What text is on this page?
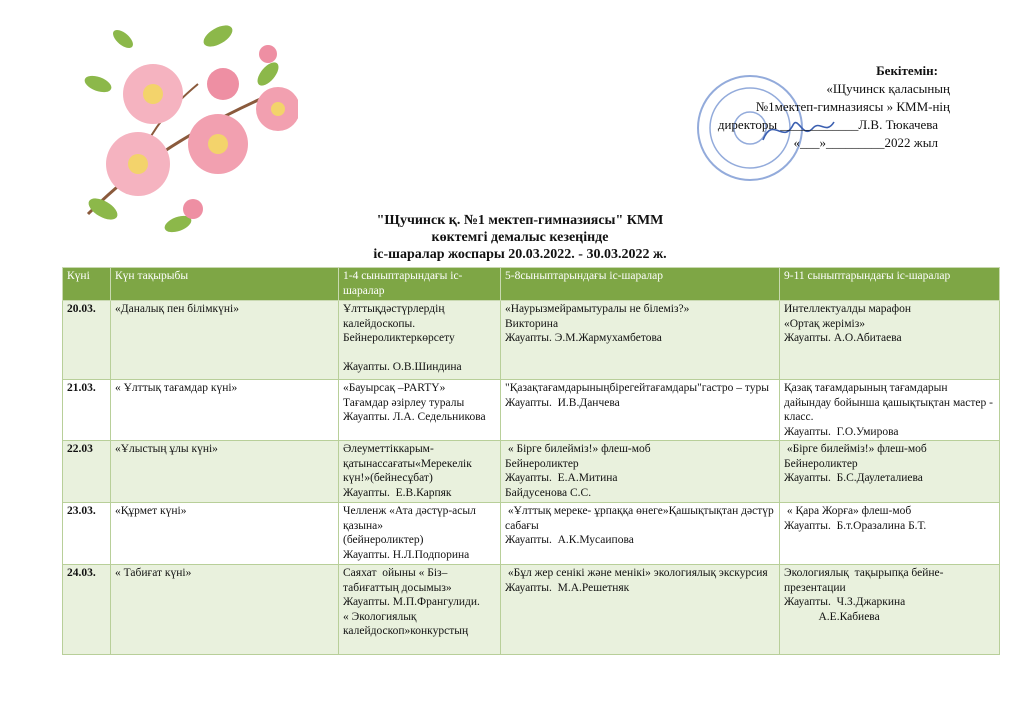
Бекітемін:
«Щучинск қаласының
№1мектеп-гимназиясы » КММ-нің
директоры ____________Л.В. Тюкачева
«___»_________2022 жыл
"Щучинск қ. №1 мектеп-гимназиясы" КММ
көктемгі демалыс кезеңінде
іс-шаралар жоспары 20.03.2022. - 30.03.2022 ж.
Күні	Күн тақырыбы	1-4 сыныптарындағы іс-шаралар	5-8сыныптарындағы іс-шаралар	9-11 сыныптарындағы іс-шаралар
20.03.	«Даналық пен білімкүні»	Ұлттықдәстүрлердің калейдоскопы.
Бейнероликтеркөрсету

Жауапты. О.В.Шиндина	«Наурызмейрамытуралы не білеміз?»
Викторина
Жауапты. Э.М.Жармухамбетова	Интеллектуалды марафон
«Ортақ жеріміз»
Жауапты. А.О.Абитаева

21.03.	« Ұлттық тағамдар күні»	«Бауырсақ –PARTY»
Тағамдар әзірлеу туралы
Жауапты. Л.А. Седельникова	"Қазақтағамдарыныңбірегейтағамдары"гастро – туры
Жауапты.  И.В.Данчева	Қазақ тағамдарының тағамдарын дайындау бойынша қашықтықтан мастер - класс.
Жауапты.  Г.О.Умирова

22.03	«Ұлыстың ұлы күні»	Әлеуметтіккарым-қатынассағаты«Мерекелік күн!»(бейнесұбат)
Жауапты.  Е.В.Карпяк	« Бірге билейміз!» флеш-моб
Бейнероликтер
Жауапты.  Е.А.Митина
Байдусенова С.С.	«Бірге билейміз!» флеш-моб
Бейнероликтер
Жауапты.  Б.С.Даулеталиева

23.03.	«Құрмет күні»	Челленж «Ата дәстүр-асыл қазына»
(бейнероликтер)
Жауапты. Н.Л.Подпорина	«Ұлттық мереке- ұрпаққа өнеге»Қашықтықтан дәстүр сабағы
Жауапты.  А.К.Мусаипова	« Қара Жорға» флеш-моб
Жауапты.  Б.т.Оразалина Б.Т.

24.03.	« Табиғат күні»	Саяхат  ойыны « Біз– табиғаттың досымыз»
Жауапты. М.П.Франгулиди.
« Экологиялық калейдоскоп»конкурстың	«Бұл жер сенікі және менікі» экологиялық экскурсия
Жауапты.  М.А.Решетняк	Экологиялық  тақырыпқа бейне-презентации
Жауапты.  Ч.З.Джаркина
А.Е.Кабиева
